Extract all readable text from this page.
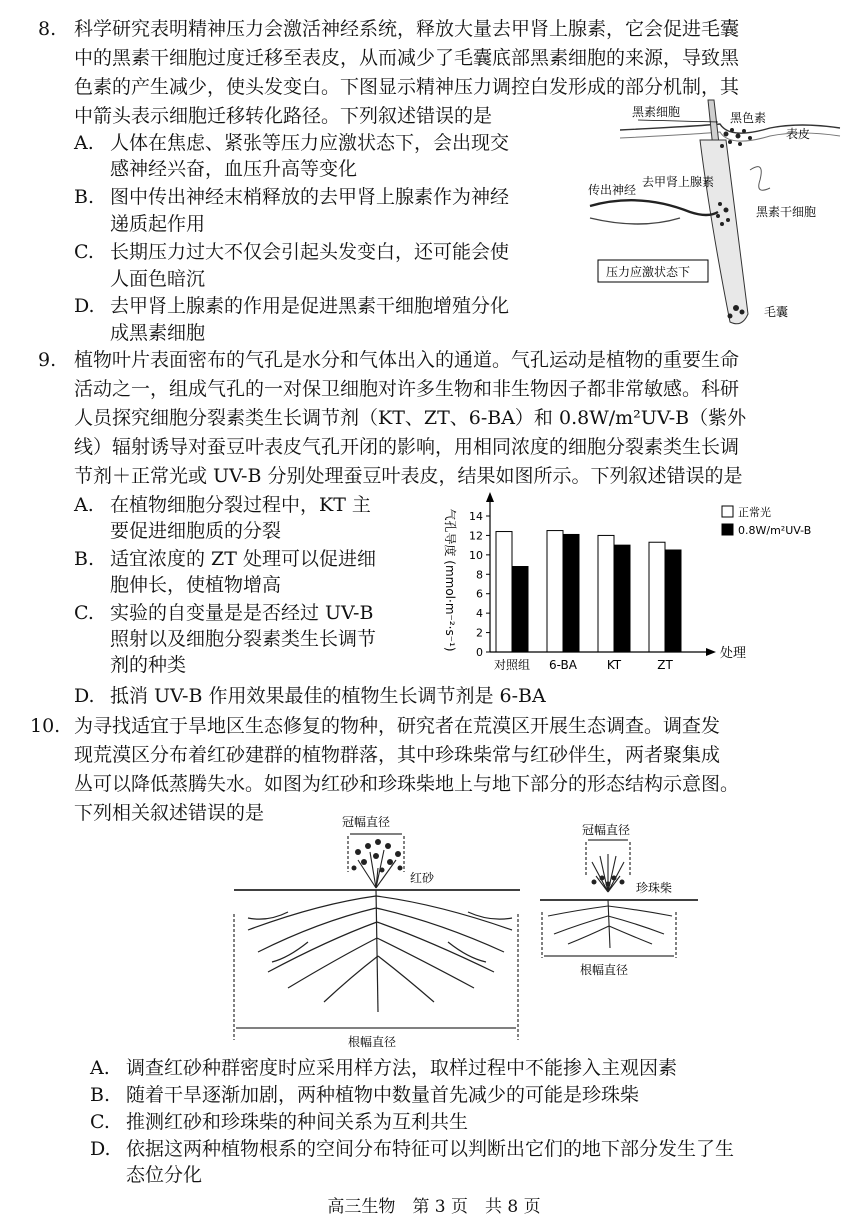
8. 科学研究表明精神压力会激活神经系统，释放大量去甲肾上腺素，它会促进毛囊
中的黑素干细胞过度迁移至表皮，从而减少了毛囊底部黑素细胞的来源，导致黑
色素的产生减少，使头发变白。下图显示精神压力调控白发形成的部分机制，其
中箭头表示细胞迁移转化路径。下列叙述错误的是
A. 人体在焦虑、紧张等压力应激状态下，会出现交
感神经兴奋，血压升高等变化
B. 图中传出神经末梢释放的去甲肾上腺素作为神经
递质起作用
C. 长期压力过大不仅会引起头发变白，还可能会使
人面色暗沉
D. 去甲肾上腺素的作用是促进黑素干细胞增殖分化
成黑素细胞
黑素细胞	黑色素
表皮
传出神经
去甲肾上腺素
黑素干细胞
压力应激状态下
毛囊
9. 植物叶片表面密布的气孔是水分和气体出入的通道。气孔运动是植物的重要生命
活动之一，组成气孔的一对保卫细胞对许多生物和非生物因子都非常敏感。科研
人员探究细胞分裂素类生长调节剂（KT、ZT、6-BA）和 0.8W/m²UV-B（紫外
线）辐射诱导对蚕豆叶表皮气孔开闭的影响，用相同浓度的细胞分裂素类生长调
节剂＋正常光或 UV-B 分别处理蚕豆叶表皮，结果如图所示。下列叙述错误的是
A. 在植物细胞分裂过程中，KT 主
要促进细胞质的分裂
B. 适宜浓度的 ZT 处理可以促进细
胞伸长，使植物增高
C. 实验的自变量是是否经过 UV-B
照射以及细胞分裂素类生长调节
剂的种类
D. 抵消 UV-B 作用效果最佳的植物生长调节剂是 6-BA
0
2
4
6
8
10
12
14
对照组 6-BA KT	ZT
处理
气孔导度 (mmol·m⁻²·s⁻¹)
正常光
0.8W/m²UV-B
10. 为寻找适宜于旱地区生态修复的物种，研究者在荒漠区开展生态调查。调查发
现荒漠区分布着红砂建群的植物群落，其中珍珠柴常与红砂伴生，两者聚集成
丛可以降低蒸腾失水。如图为红砂和珍珠柴地上与地下部分的形态结构示意图。
下列相关叙述错误的是	冠幅直径
红砂
根幅直径
冠幅直径
珍珠柴
根幅直径
A. 调查红砂种群密度时应采用样方法，取样过程中不能掺入主观因素
B. 随着干旱逐渐加剧，两种植物中数量首先减少的可能是珍珠柴
C. 推测红砂和珍珠柴的种间关系为互利共生
D. 依据这两种植物根系的空间分布特征可以判断出它们的地下部分发生了生
态位分化
高三生物　第 3 页　共 8 页
